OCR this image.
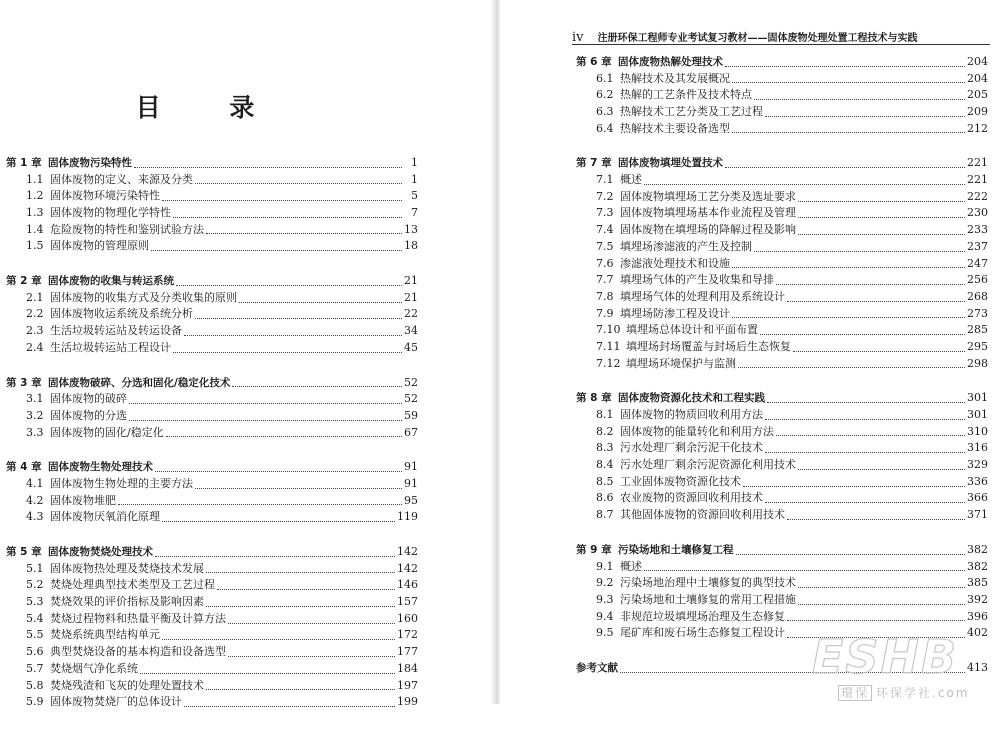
目 录
第 1 章 固体废物污染特性	1
1.1 固体废物的定义、来源及分类	1
1.2 固体废物环境污染特性	5
1.3 固体废物的物理化学特性	7
1.4 危险废物的特性和鉴别试验方法	13
1.5 固体废物的管理原则	18
第 2 章 固体废物的收集与转运系统	21
2.1 固体废物的收集方式及分类收集的原则	21
2.2 固体废物收运系统及系统分析	22
2.3 生活垃圾转运站及转运设备	34
2.4 生活垃圾转运站工程设计	45
第 3 章 固体废物破碎、分选和固化/稳定化技术	52
3.1 固体废物的破碎	52
3.2 固体废物的分选	59
3.3 固体废物的固化/稳定化	67
第 4 章 固体废物生物处理技术	91
4.1 固体废物生物处理的主要方法	91
4.2 固体废物堆肥	95
4.3 固体废物厌氧消化原理	119
第 5 章 固体废物焚烧处理技术	142
5.1 固体废物热处理及焚烧技术发展	142
5.2 焚烧处理典型技术类型及工艺过程	146
5.3 焚烧效果的评价指标及影响因素	157
5.4 焚烧过程物料和热量平衡及计算方法	160
5.5 焚烧系统典型结构单元	172
5.6 典型焚烧设备的基本构造和设备选型	177
5.7 焚烧烟气净化系统	184
5.8 焚烧残渣和飞灰的处理处置技术	197
5.9 固体废物焚烧厂的总体设计	199
iv 注册环保工程师专业考试复习教材——固体废物处理处置工程技术与实践
第 6 章 固体废物热解处理技术	204
6.1 热解技术及其发展概况	204
6.2 热解的工艺条件及技术特点	205
6.3 热解技术工艺分类及工艺过程	209
6.4 热解技术主要设备选型	212
第 7 章 固体废物填埋处置技术	221
7.1 概述	221
7.2 固体废物填埋场工艺分类及选址要求	222
7.3 固体废物填埋场基本作业流程及管理	230
7.4 固体废物在填埋场的降解过程及影响	233
7.5 填埋场渗滤液的产生及控制	237
7.6 渗滤液处理技术和设施	247
7.7 填埋场气体的产生及收集和导排	256
7.8 填埋场气体的处理利用及系统设计	268
7.9 填埋场防渗工程及设计	273
7.10 填埋场总体设计和平面布置	285
7.11 填埋场封场覆盖与封场后生态恢复	295
7.12 填埋场环境保护与监测	298
第 8 章 固体废物资源化技术和工程实践	301
8.1 固体废物的物质回收利用方法	301
8.2 固体废物的能量转化和利用方法	310
8.3 污水处理厂剩余污泥干化技术	316
8.4 污水处理厂剩余污泥资源化利用技术	329
8.5 工业固体废物资源化技术	336
8.6 农业废物的资源回收利用技术	366
8.7 其他固体废物的资源回收利用技术	371
第 9 章 污染场地和土壤修复工程	382
9.1 概述	382
9.2 污染场地治理中土壤修复的典型技术	385
9.3 污染场地和土壤修复的常用工程措施	392
9.4 非规范垃圾填埋场治理及生态修复	396
9.5 尾矿库和废石场生态修复工程设计	402
参考文献	413
ESHB
環保 环保学社.com
